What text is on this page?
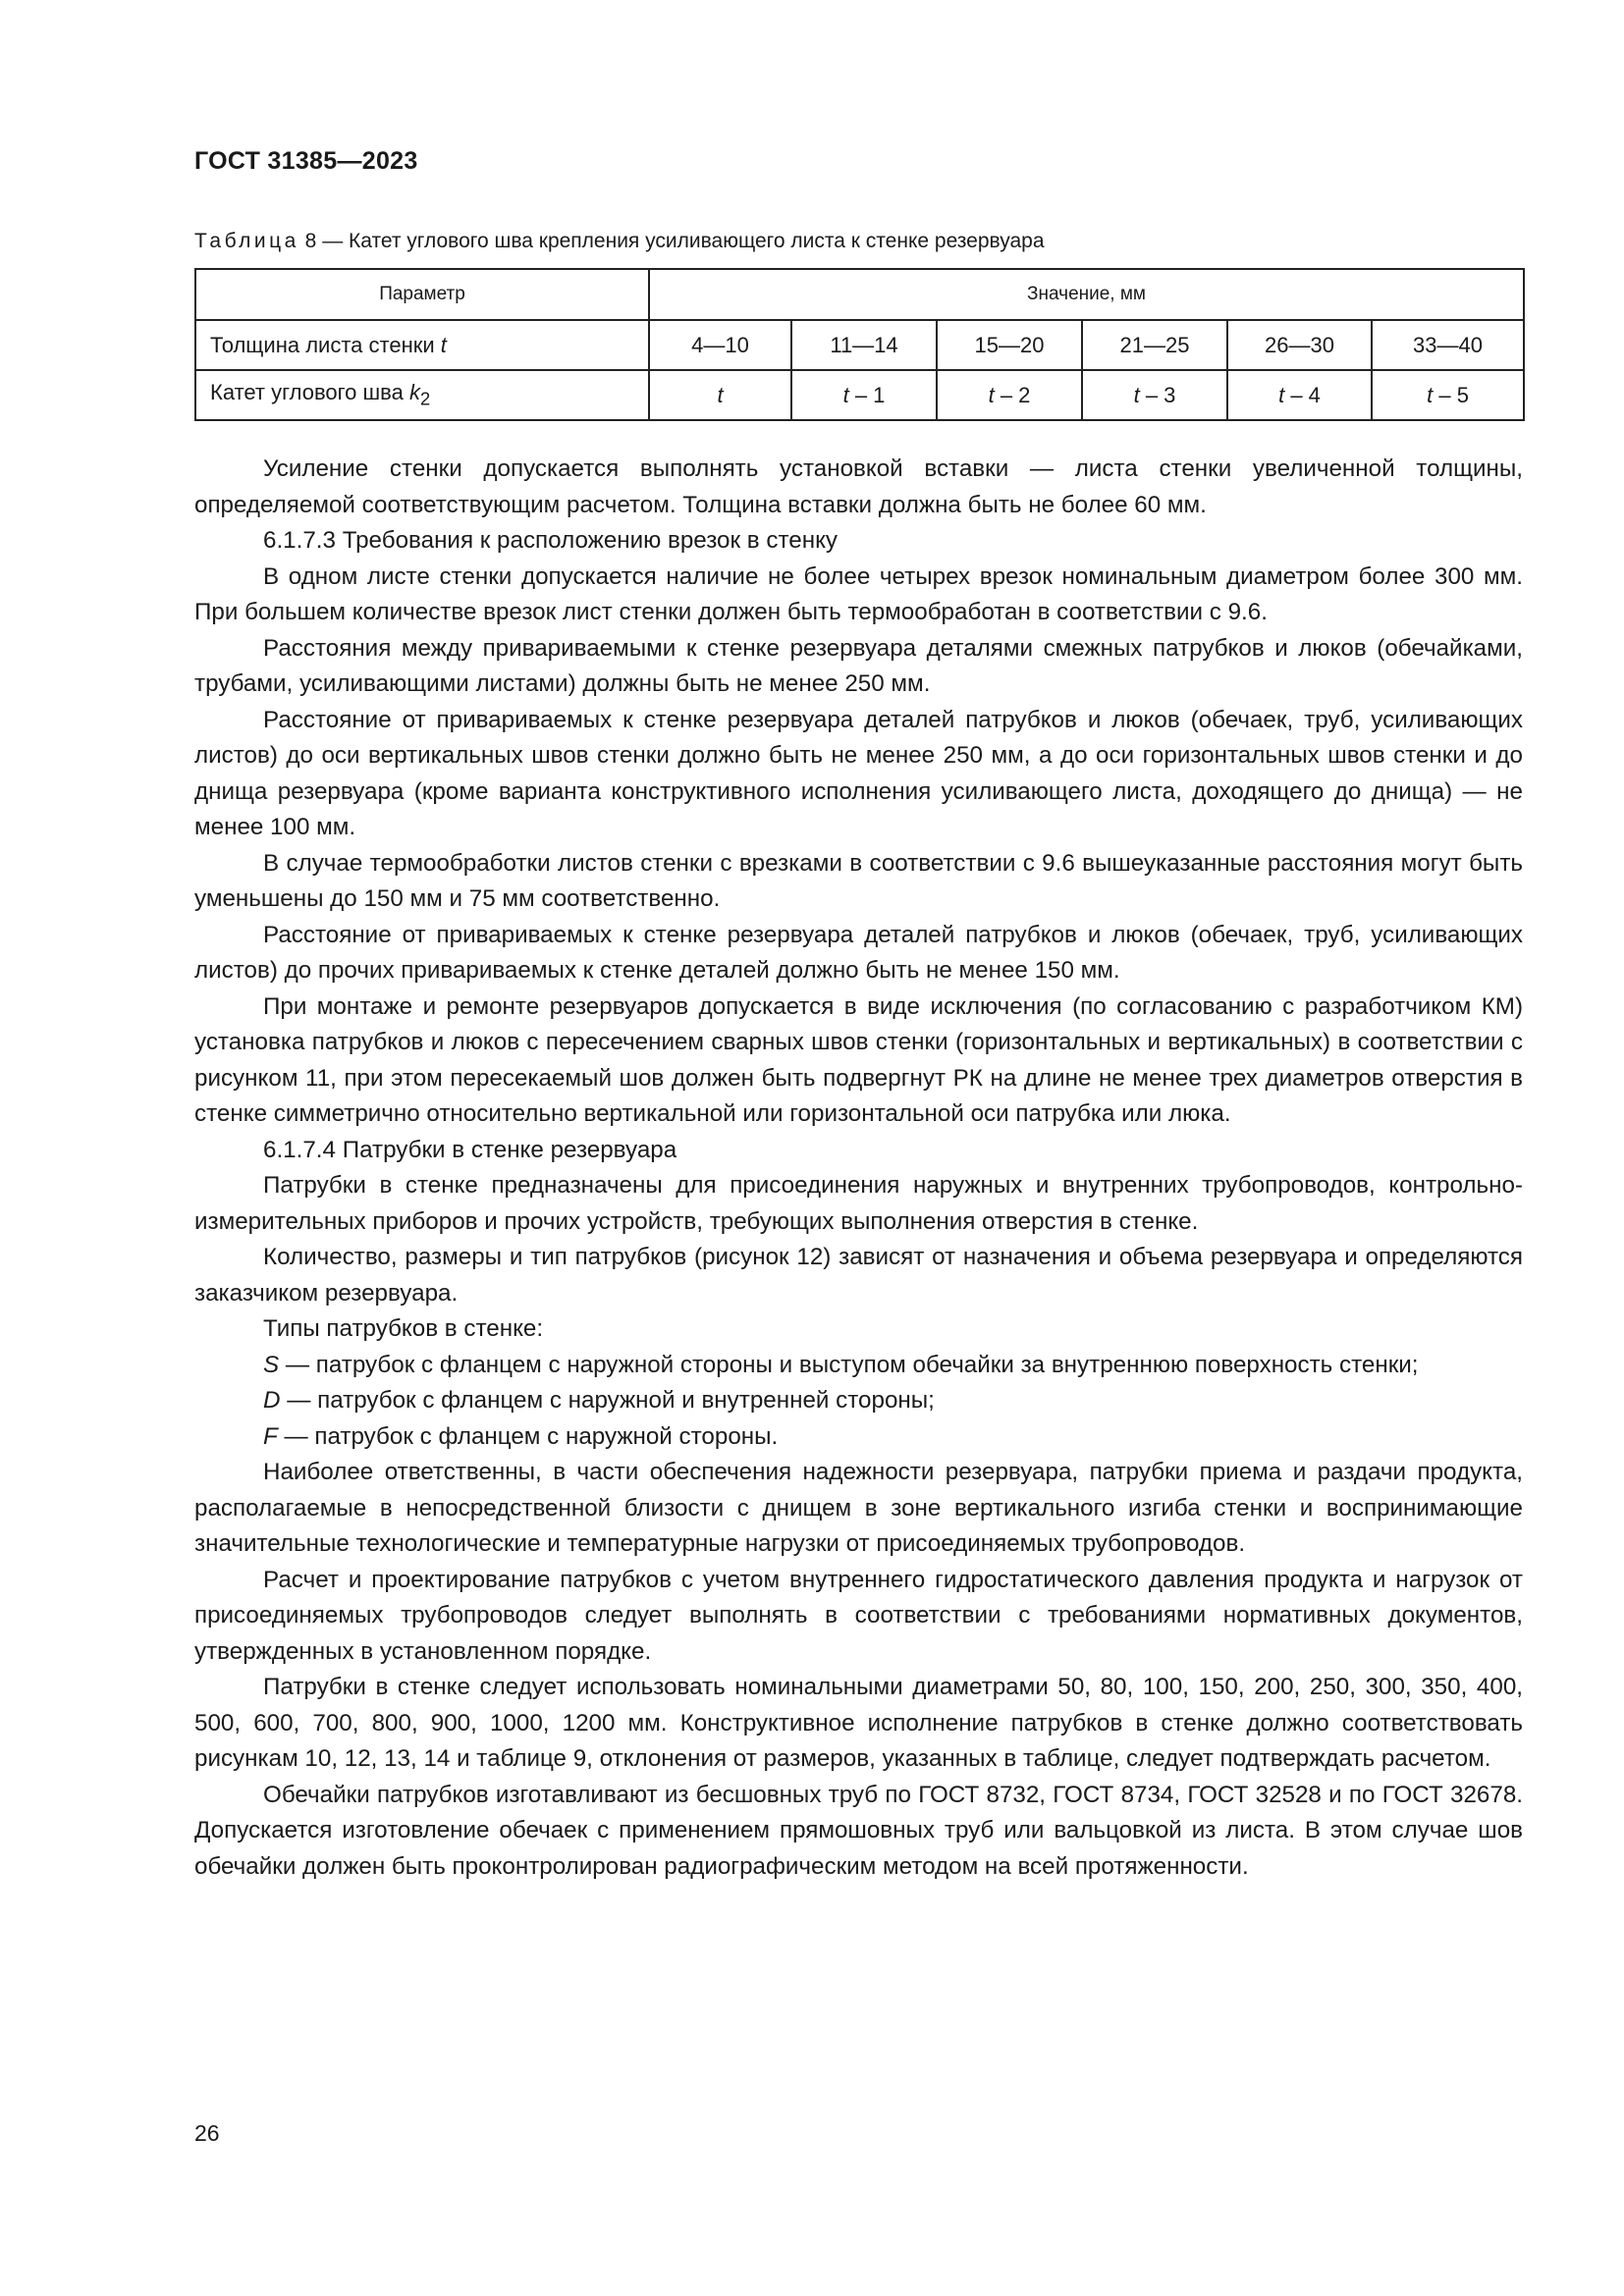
ГОСТ 31385—2023
Таблица 8 — Катет углового шва крепления усиливающего листа к стенке резервуара
Параметр	Значение, мм					
Толщина листа стенки t	4—10	11—14	15—20	21—25	26—30	33—40
Катет углового шва $k_2$	t	t – 1	t – 2	t – 3	t – 4	t – 5

Усиление стенки допускается выполнять установкой вставки — листа стенки увеличенной толщины, определяемой соответствующим расчетом. Толщина вставки должна быть не более 60 мм.

6.1.7.3 Требования к расположению врезок в стенку

В одном листе стенки допускается наличие не более четырех врезок номинальным диаметром более 300 мм. При большем количестве врезок лист стенки должен быть термообработан в соответствии с 9.6.

Расстояния между привариваемыми к стенке резервуара деталями смежных патрубков и люков (обечайками, трубами, усиливающими листами) должны быть не менее 250 мм.

Расстояние от привариваемых к стенке резервуара деталей патрубков и люков (обечаек, труб, усиливающих листов) до оси вертикальных швов стенки должно быть не менее 250 мм, а до оси горизонтальных швов стенки и до днища резервуара (кроме варианта конструктивного исполнения усиливающего листа, доходящего до днища) — не менее 100 мм.

В случае термообработки листов стенки с врезками в соответствии с 9.6 вышеуказанные расстояния могут быть уменьшены до 150 мм и 75 мм соответственно.

Расстояние от привариваемых к стенке резервуара деталей патрубков и люков (обечаек, труб, усиливающих листов) до прочих привариваемых к стенке деталей должно быть не менее 150 мм.

При монтаже и ремонте резервуаров допускается в виде исключения (по согласованию с разработчиком КМ) установка патрубков и люков с пересечением сварных швов стенки (горизонтальных и вертикальных) в соответствии с рисунком 11, при этом пересекаемый шов должен быть подвергнут РК на длине не менее трех диаметров отверстия в стенке симметрично относительно вертикальной или горизонтальной оси патрубка или люка.

6.1.7.4 Патрубки в стенке резервуара

Патрубки в стенке предназначены для присоединения наружных и внутренних трубопроводов, контрольно-измерительных приборов и прочих устройств, требующих выполнения отверстия в стенке.

Количество, размеры и тип патрубков (рисунок 12) зависят от назначения и объема резервуара и определяются заказчиком резервуара.

Типы патрубков в стенке:

S — патрубок с фланцем с наружной стороны и выступом обечайки за внутреннюю поверхность стенки;

D — патрубок с фланцем с наружной и внутренней стороны;

F — патрубок с фланцем с наружной стороны.

Наиболее ответственны, в части обеспечения надежности резервуара, патрубки приема и раздачи продукта, располагаемые в непосредственной близости с днищем в зоне вертикального изгиба стенки и воспринимающие значительные технологические и температурные нагрузки от присоединяемых трубопроводов.

Расчет и проектирование патрубков с учетом внутреннего гидростатического давления продукта и нагрузок от присоединяемых трубопроводов следует выполнять в соответствии с требованиями нормативных документов, утвержденных в установленном порядке.

Патрубки в стенке следует использовать номинальными диаметрами 50, 80, 100, 150, 200, 250, 300, 350, 400, 500, 600, 700, 800, 900, 1000, 1200 мм. Конструктивное исполнение патрубков в стенке должно соответствовать рисункам 10, 12, 13, 14 и таблице 9, отклонения от размеров, указанных в таблице, следует подтверждать расчетом.

Обечайки патрубков изготавливают из бесшовных труб по ГОСТ 8732, ГОСТ 8734, ГОСТ 32528 и по ГОСТ 32678. Допускается изготовление обечаек с применением прямошовных труб или вальцовкой из листа. В этом случае шов обечайки должен быть проконтролирован радиографическим методом на всей протяженности.

26
